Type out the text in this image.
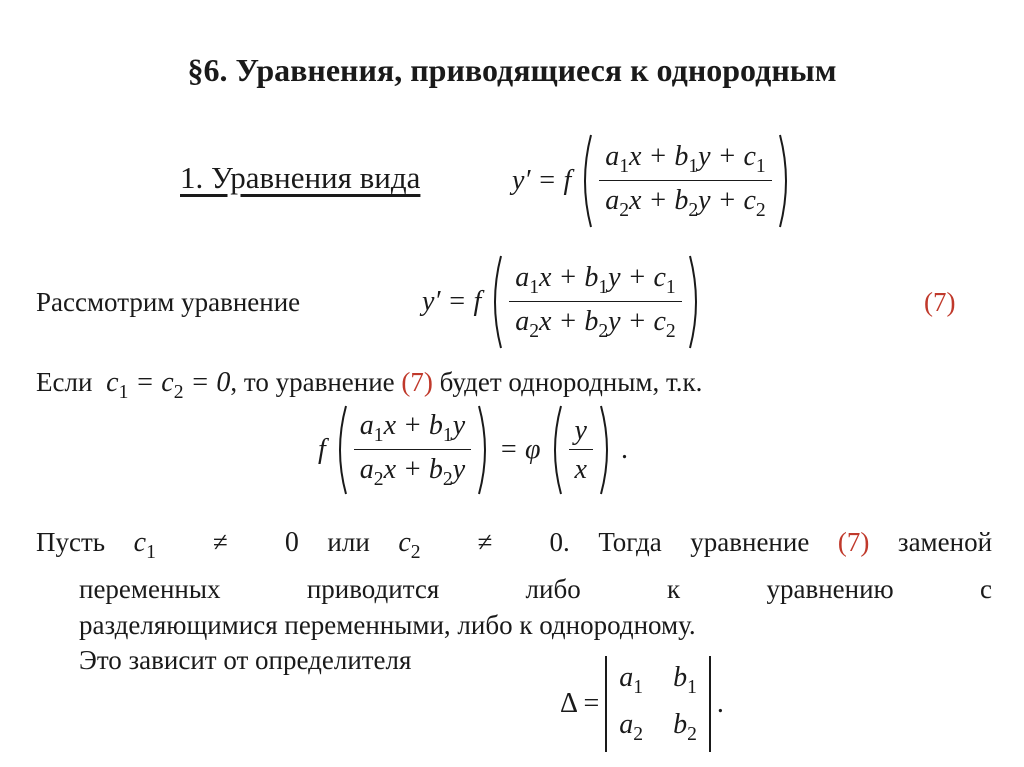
§6. Уравнения, приводящиеся к однородным
1. Уравнения вида	y′ = f $\frac{a_1x + b_1y + c_1}{a_2x + b_2y + c_2}$
Рассмотрим уравнение	y′ = f $\frac{a_1x + b_1y + c_1}{a_2x + b_2y + c_2}$	(7)
Если  $c_1 = c_2 = 0$, то уравнение (7) будет однородным, т.к.
f $\frac{a_1x + b_1y}{a_2x + b_2y} = \varphi \frac{y}{x}$ .
Пусть $c_1 \ne 0$ или $c_2 \ne 0$. Тогда уравнение (7) заменой
переменных приводится либо к уравнению с
разделяющимися переменными, либо к однородному.
Это зависит от определителя
Δ =
$a_1$ $b_1$
$a_2$ $b_2$
.
